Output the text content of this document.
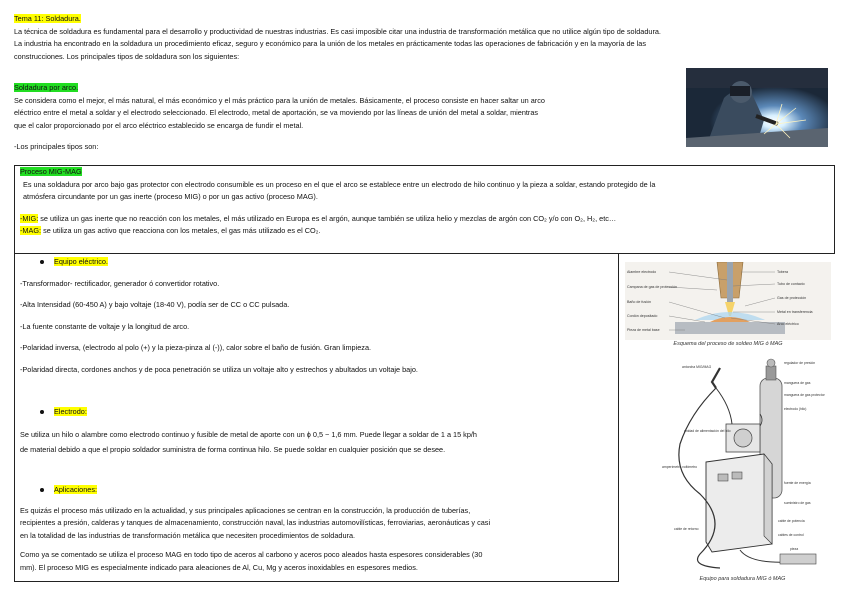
Tema 11: Soldadura.

La técnica de soldadura es fundamental para el desarrollo y productividad de nuestras industrias. Es casi imposible citar una industria de transformación metálica que no utilice algún tipo de soldadura.

La industria ha encontrado en la soldadura un procedimiento eficaz, seguro y económico para la unión de los metales en prácticamente todas las operaciones de fabricación y en la mayoría de las

construcciones. Los principales tipos de soldadura son los siguientes:

Soldadura por arco.

Se considera como el mejor, el más natural, el más económico y el más práctico para la unión de metales. Básicamente, el proceso consiste en hacer saltar un arco

eléctrico entre el metal a soldar y el electrodo seleccionado. El electrodo, metal de aportación, se va moviendo por las líneas de unión del metal a soldar, mientras

que el calor proporcionado por el arco eléctrico establecido se encarga de fundir el metal.

-Los principales tipos son:

Proceso MIG-MAG

Es una soldadura por arco bajo gas protector con electrodo consumible es un proceso en el que el arco se establece entre un electrodo de hilo continuo y la pieza a soldar, estando protegido de la

atmósfera circundante por un gas inerte (proceso MIG) o por un gas activo (proceso MAG).

-MIG: se utiliza un gas inerte que no reacción con los metales, el más utilizado en Europa es el argón, aunque también se utiliza helio y mezclas de argón con CO₂ y/o con O₂, H₂, etc…

-MAG: se utiliza un gas activo que reacciona con los metales, el gas más utilizado es el CO₂.

Equipo eléctrico.

-Transformador- rectificador, generador ó convertidor rotativo.

-Alta Intensidad (60-450 A) y bajo voltaje (18-40 V), podía ser de CC o CC pulsada.

-La fuente constante de voltaje y la longitud de arco.

-Polaridad inversa, (electrodo al polo (+) y la pieza-pinza al (-)), calor sobre el baño de fusión. Gran limpieza.

-Polaridad directa, cordones anchos y de poca penetración se utiliza un voltaje alto y estrechos y abultados un voltaje bajo.

Electrodo:

Se utiliza un hilo o alambre como electrodo continuo y fusible de metal de aporte con un ϕ 0,5 − 1,6 mm. Puede llegar a soldar de 1 a 15 kp/h

de material debido a que el propio soldador suministra de forma continua hilo. Se puede soldar en cualquier posición que se desee.

Aplicaciones:

Es quizás el proceso más utilizado en la actualidad, y sus principales aplicaciones se centran en la construcción, la producción de tuberías,

recipientes a presión, calderas y tanques de almacenamiento, construcción naval, las industrias automovilísticas, ferroviarias, aeronáuticas y casi

en la totalidad de las industrias de transformación metálica que necesiten procedimientos de soldadura.

Como ya se comentado se utiliza el proceso MAG en todo tipo de aceros al carbono y aceros poco aleados hasta espesores considerables (30

mm). El proceso MIG es especialmente indicado para aleaciones de Al, Cu, Mg y aceros inoxidables en espesores medios.

Alambre electrodo
Campana de gas de protección
Baño de fusión
Cordón depositado
Pieza de metal base
Tobera
Tubo de contacto
Gas de protección
Metal en transferencia
Arco eléctrico
Esquema del proceso de soldeo MIG ó MAG
antorcha MIG/MAG
regulador de presión
manguera de gas
manguera de gas protector
electrodo (hilo)
unidad de alimentación del hilo
amperímetro voltímetro
fuente de energía
suministro de gas
cable de potencia
cable de retorno
cables de control
pieza
Equipo para soldadura MIG ó MAG
